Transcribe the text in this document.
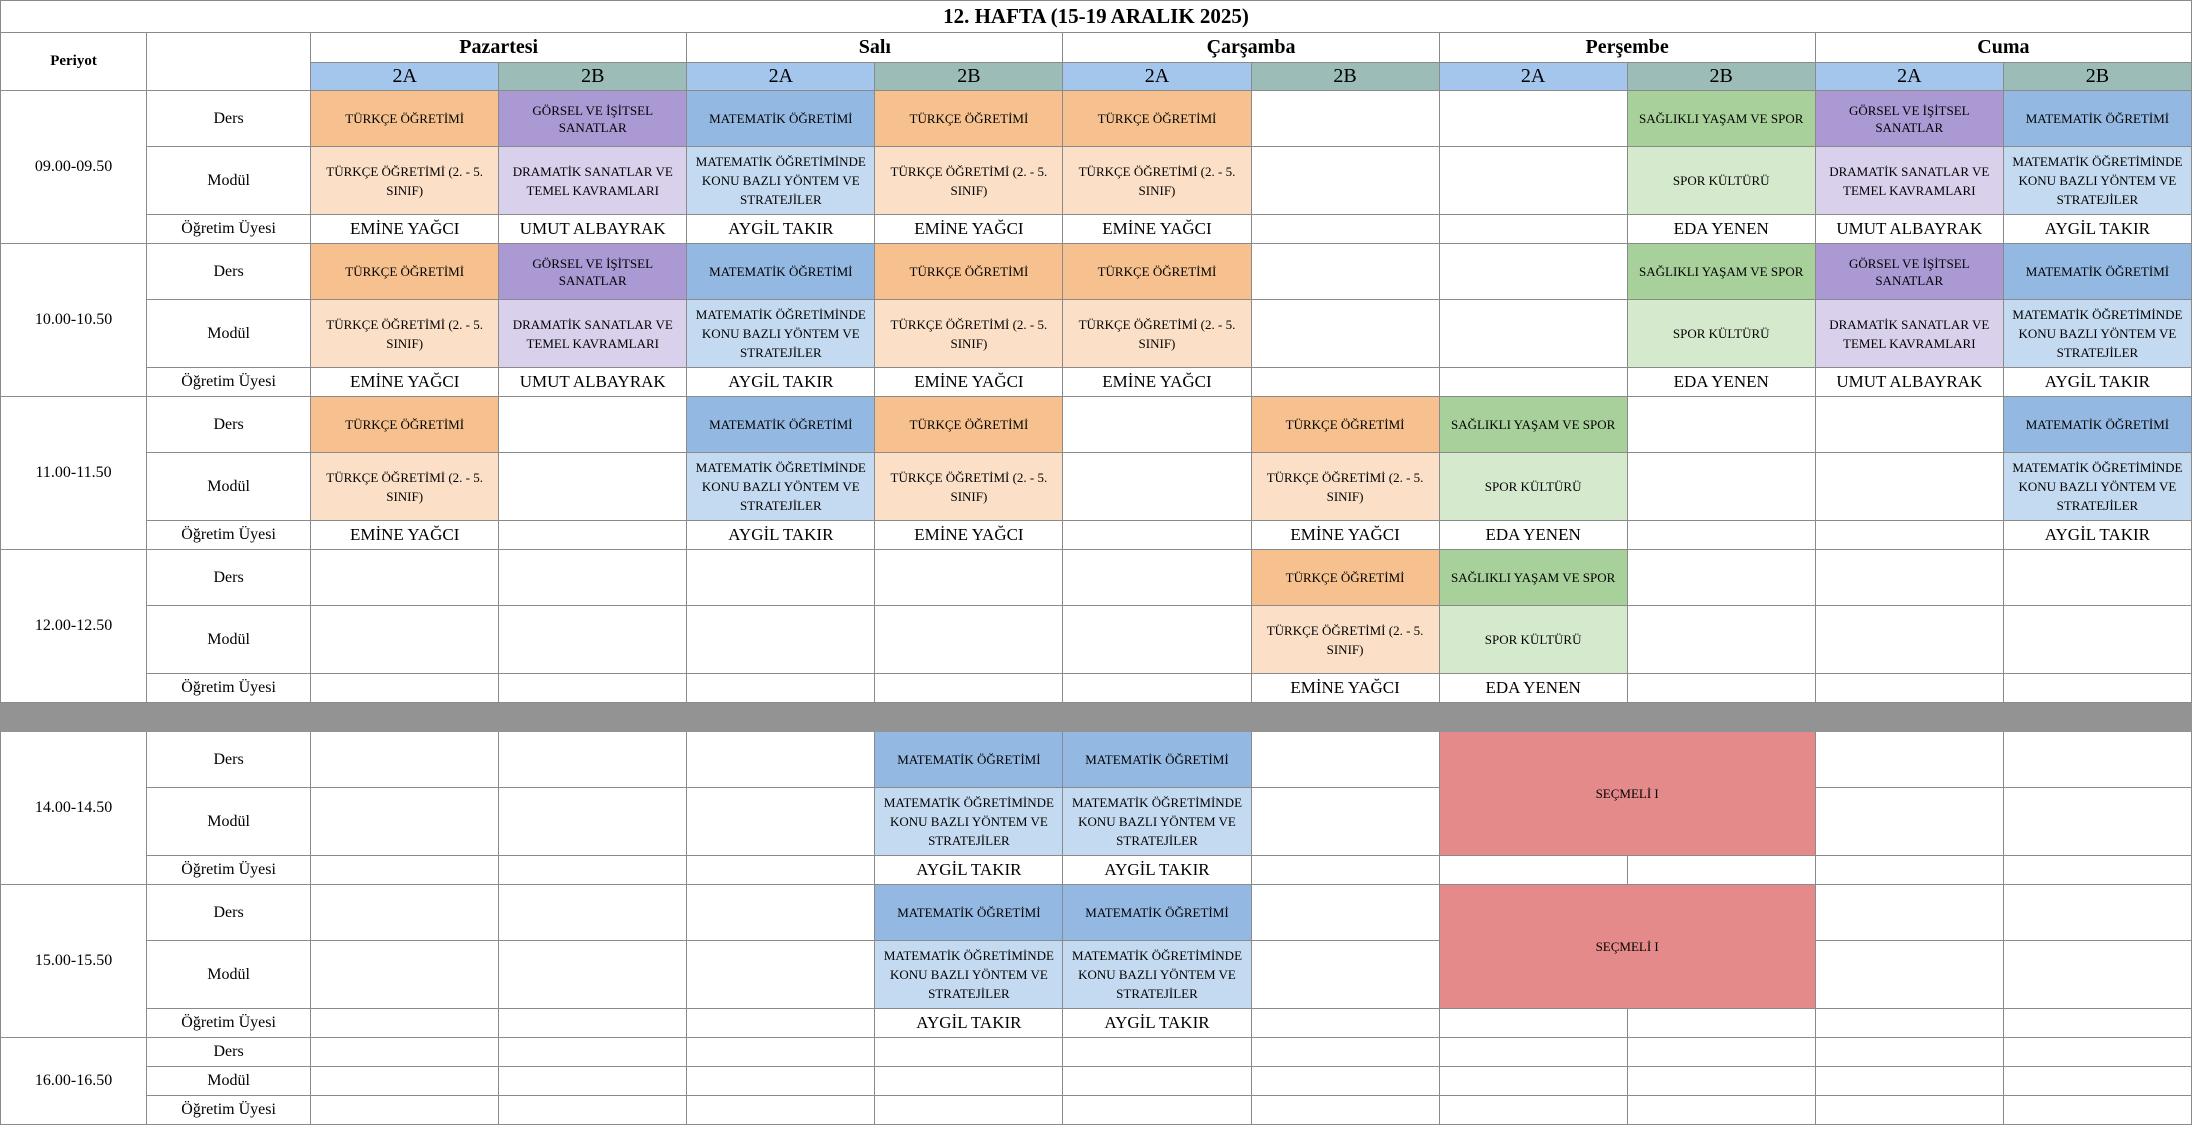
12. HAFTA (15-19 ARALIK 2025)											
Periyot		Pazartesi		Salı		Çarşamba		Perşembe		Cuma	
		2A	2B	2A	2B	2A	2B	2A	2B	2A	2B
09.00-09.50	Ders	TÜRKÇE ÖĞRETİMİ	GÖRSEL VE İŞİTSEL SANATLAR	MATEMATİK ÖĞRETİMİ	TÜRKÇE ÖĞRETİMİ	TÜRKÇE ÖĞRETİMİ			SAĞLIKLI YAŞAM VE SPOR	GÖRSEL VE İŞİTSEL SANATLAR	MATEMATİK ÖĞRETİMİ
	Modül	TÜRKÇE ÖĞRETİMİ (2. - 5. SINIF)	DRAMATİK SANATLAR VE TEMEL KAVRAMLARI	MATEMATİK ÖĞRETİMİNDE KONU BAZLI YÖNTEM VE STRATEJİLER	TÜRKÇE ÖĞRETİMİ (2. - 5. SINIF)	TÜRKÇE ÖĞRETİMİ (2. - 5. SINIF)			SPOR KÜLTÜRÜ	DRAMATİK SANATLAR VE TEMEL KAVRAMLARI	MATEMATİK ÖĞRETİMİNDE KONU BAZLI YÖNTEM VE STRATEJİLER
	Öğretim Üyesi	EMİNE YAĞCI	UMUT ALBAYRAK	AYGİL TAKIR	EMİNE YAĞCI	EMİNE YAĞCI			EDA YENEN	UMUT ALBAYRAK	AYGİL TAKIR
10.00-10.50	Ders	TÜRKÇE ÖĞRETİMİ	GÖRSEL VE İŞİTSEL SANATLAR	MATEMATİK ÖĞRETİMİ	TÜRKÇE ÖĞRETİMİ	TÜRKÇE ÖĞRETİMİ			SAĞLIKLI YAŞAM VE SPOR	GÖRSEL VE İŞİTSEL SANATLAR	MATEMATİK ÖĞRETİMİ
	Modül	TÜRKÇE ÖĞRETİMİ (2. - 5. SINIF)	DRAMATİK SANATLAR VE TEMEL KAVRAMLARI	MATEMATİK ÖĞRETİMİNDE KONU BAZLI YÖNTEM VE STRATEJİLER	TÜRKÇE ÖĞRETİMİ (2. - 5. SINIF)	TÜRKÇE ÖĞRETİMİ (2. - 5. SINIF)			SPOR KÜLTÜRÜ	DRAMATİK SANATLAR VE TEMEL KAVRAMLARI	MATEMATİK ÖĞRETİMİNDE KONU BAZLI YÖNTEM VE STRATEJİLER
	Öğretim Üyesi	EMİNE YAĞCI	UMUT ALBAYRAK	AYGİL TAKIR	EMİNE YAĞCI	EMİNE YAĞCI			EDA YENEN	UMUT ALBAYRAK	AYGİL TAKIR
11.00-11.50	Ders	TÜRKÇE ÖĞRETİMİ		MATEMATİK ÖĞRETİMİ	TÜRKÇE ÖĞRETİMİ		TÜRKÇE ÖĞRETİMİ	SAĞLIKLI YAŞAM VE SPOR			MATEMATİK ÖĞRETİMİ
	Modül	TÜRKÇE ÖĞRETİMİ (2. - 5. SINIF)		MATEMATİK ÖĞRETİMİNDE KONU BAZLI YÖNTEM VE STRATEJİLER	TÜRKÇE ÖĞRETİMİ (2. - 5. SINIF)		TÜRKÇE ÖĞRETİMİ (2. - 5. SINIF)	SPOR KÜLTÜRÜ			MATEMATİK ÖĞRETİMİNDE KONU BAZLI YÖNTEM VE STRATEJİLER
	Öğretim Üyesi	EMİNE YAĞCI		AYGİL TAKIR	EMİNE YAĞCI		EMİNE YAĞCI	EDA YENEN			AYGİL TAKIR
12.00-12.50	Ders						TÜRKÇE ÖĞRETİMİ	SAĞLIKLI YAŞAM VE SPOR			
	Modül						TÜRKÇE ÖĞRETİMİ (2. - 5. SINIF)	SPOR KÜLTÜRÜ			
	Öğretim Üyesi						EMİNE YAĞCI	EDA YENEN			

14.00-14.50	Ders				MATEMATİK ÖĞRETİMİ	MATEMATİK ÖĞRETİMİ		SEÇMELİ I			
	Modül				MATEMATİK ÖĞRETİMİNDE KONU BAZLI YÖNTEM VE STRATEJİLER	MATEMATİK ÖĞRETİMİNDE KONU BAZLI YÖNTEM VE STRATEJİLER					
	Öğretim Üyesi				AYGİL TAKIR	AYGİL TAKIR					
15.00-15.50	Ders				MATEMATİK ÖĞRETİMİ	MATEMATİK ÖĞRETİMİ		SEÇMELİ I			
	Modül				MATEMATİK ÖĞRETİMİNDE KONU BAZLI YÖNTEM VE STRATEJİLER	MATEMATİK ÖĞRETİMİNDE KONU BAZLI YÖNTEM VE STRATEJİLER					
	Öğretim Üyesi				AYGİL TAKIR	AYGİL TAKIR					
16.00-16.50	Ders										
	Modül										
	Öğretim Üyesi										
